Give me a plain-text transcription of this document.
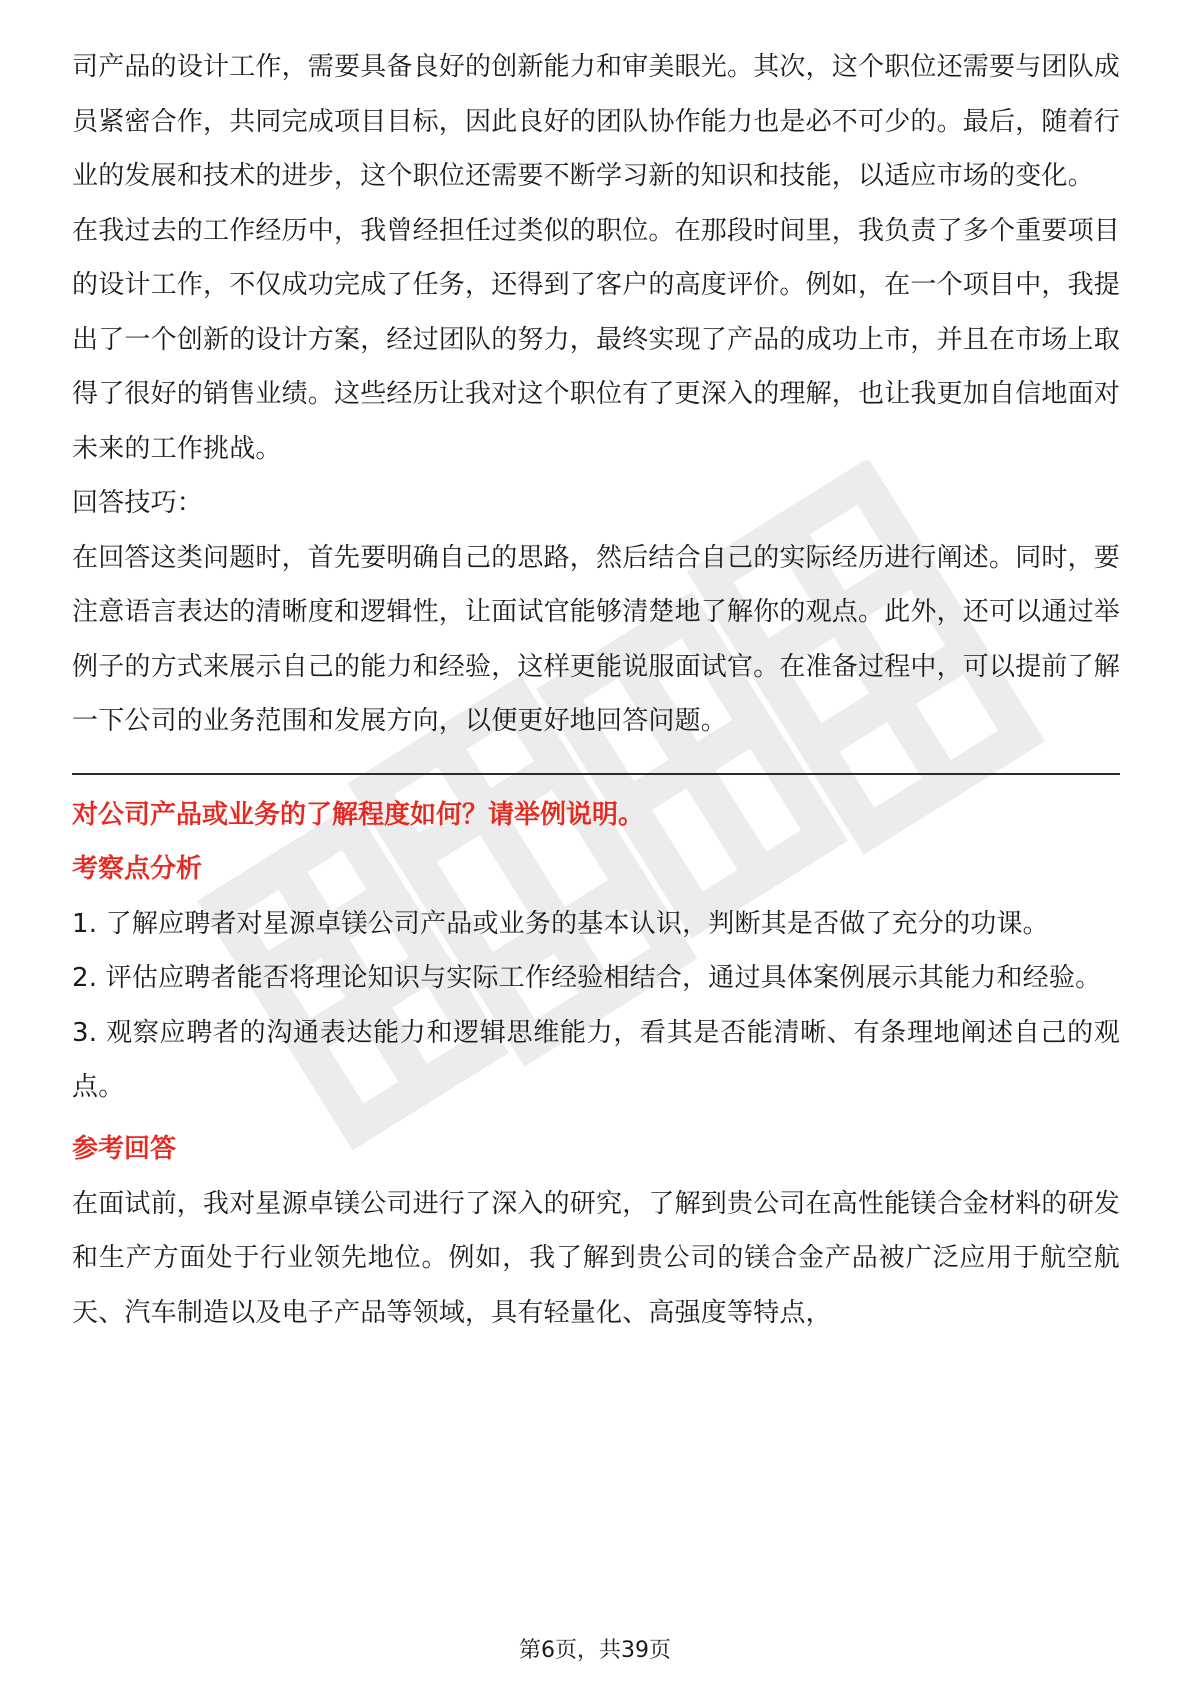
司产品的设计工作，需要具备良好的创新能力和审美眼光。其次，这个职位还需要与团队成员紧密合作，共同完成项目目标，因此良好的团队协作能力也是必不可少的。最后，随着行业的发展和技术的进步，这个职位还需要不断学习新的知识和技能，以适应市场的变化。

在我过去的工作经历中，我曾经担任过类似的职位。在那段时间里，我负责了多个重要项目的设计工作，不仅成功完成了任务，还得到了客户的高度评价。例如，在一个项目中，我提出了一个创新的设计方案，经过团队的努力，最终实现了产品的成功上市，并且在市场上取得了很好的销售业绩。这些经历让我对这个职位有了更深入的理解，也让我更加自信地面对未来的工作挑战。

回答技巧：

在回答这类问题时，首先要明确自己的思路，然后结合自己的实际经历进行阐述。同时，要注意语言表达的清晰度和逻辑性，让面试官能够清楚地了解你的观点。此外，还可以通过举例子的方式来展示自己的能力和经验，这样更能说服面试官。在准备过程中，可以提前了解一下公司的业务范围和发展方向，以便更好地回答问题。

对公司产品或业务的了解程度如何？请举例说明。

考察点分析

1. 了解应聘者对星源卓镁公司产品或业务的基本认识，判断其是否做了充分的功课。

2. 评估应聘者能否将理论知识与实际工作经验相结合，通过具体案例展示其能力和经验。

3. 观察应聘者的沟通表达能力和逻辑思维能力，看其是否能清晰、有条理地阐述自己的观点。

参考回答

在面试前，我对星源卓镁公司进行了深入的研究，了解到贵公司在高性能镁合金材料的研发和生产方面处于行业领先地位。例如，我了解到贵公司的镁合金产品被广泛应用于航空航天、汽车制造以及电子产品等领域，具有轻量化、高强度等特点，

第6页，共39页
